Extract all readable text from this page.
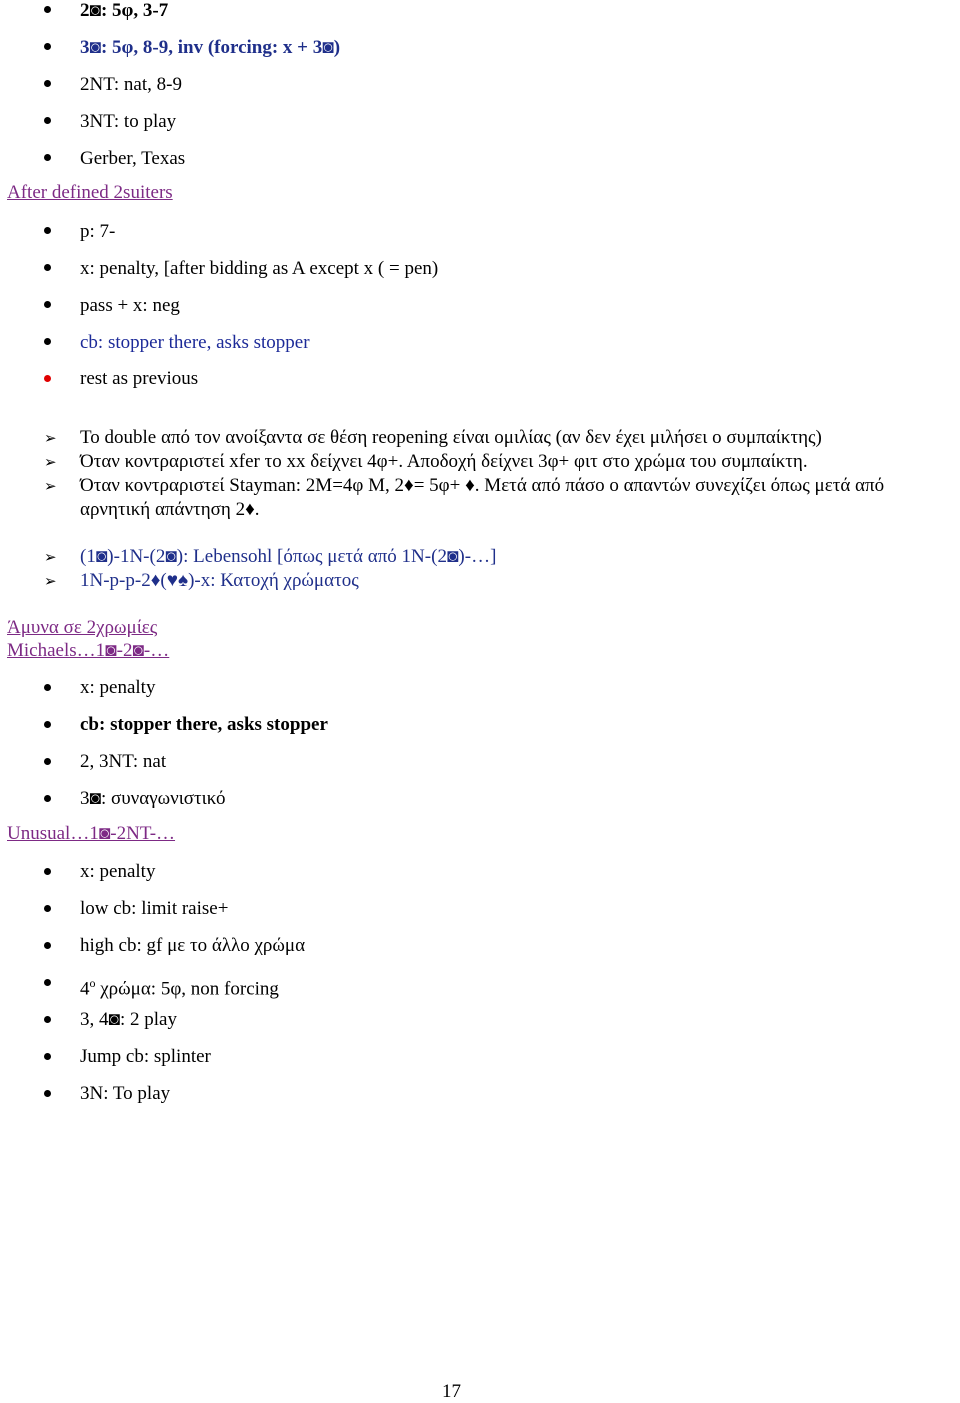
2◙: 5φ, 3-7
3◙: 5φ, 8-9, inv (forcing: x + 3◙)
2NT: nat, 8-9
3NT: to play
Gerber, Texas
After defined 2suiters
p: 7-
x: penalty, [after bidding as A except x ( = pen)
pass + x: neg
cb: stopper there, asks stopper
rest as previous
➢ To double από τον ανοίξαντα σε θέση reopening είναι ομιλίας (αν δεν έχει μιλήσει ο συμπαίκτης)
➢ Όταν κοντραριστεί xfer το xx δείχνει 4φ+. Αποδοχή δείχνει 3φ+ φιτ στο χρώμα του συμπαίκτη.
➢ Όταν κοντραριστεί Stayman: 2M=4φ M, 2♦= 5φ+ ♦. Μετά από πάσο ο απαντών συνεχίζει όπως μετά από
αρνητική απάντηση 2♦.
➢ (1◙)-1N-(2◙): Lebensohl [όπως μετά από 1N-(2◙)-…]
➢ 1N-p-p-2♦(♥♠)-x: Κατοχή χρώματος
Άμυνα σε 2χρωμίες
Michaels…1◙-2◙-…
x: penalty
cb: stopper there, asks stopper
2, 3NT: nat
3◙: συναγωνιστικό
Unusual…1◙-2NT-…
x: penalty
low cb: limit raise+
high cb: gf με το άλλο χρώμα
4$^o$ χρώμα: 5φ, non forcing
3, 4◙: 2 play
Jump cb: splinter
3N: To play
17
